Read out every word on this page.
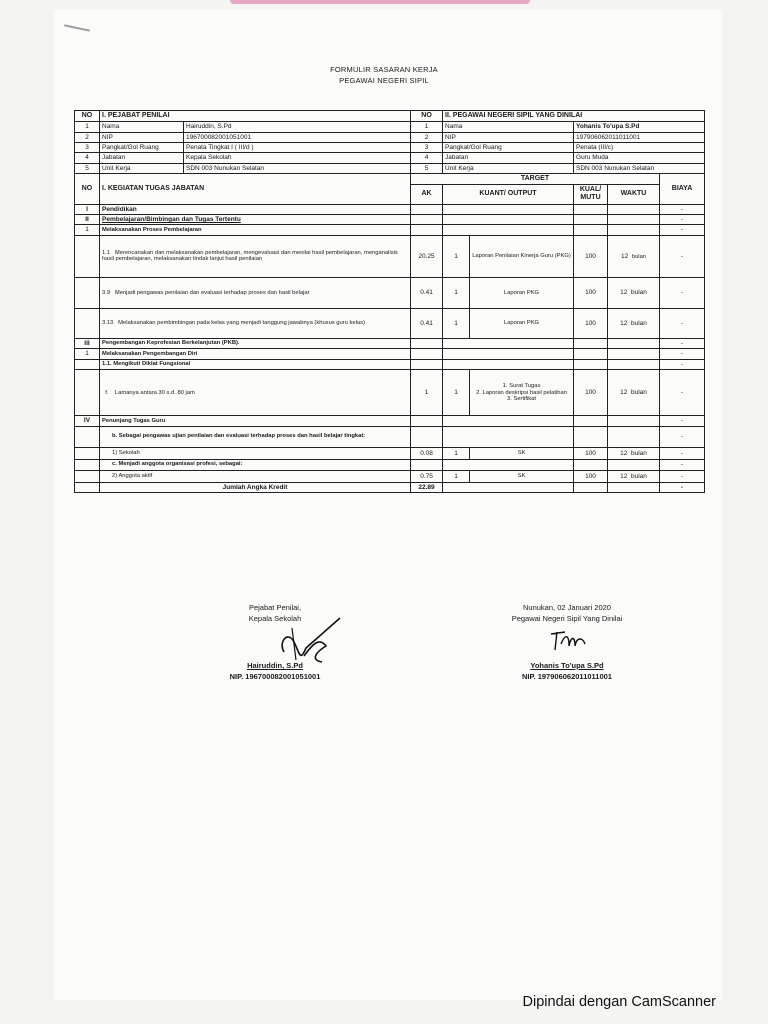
FORMULIR SASARAN KERJA
PEGAWAI NEGERI SIPIL
NO	I. PEJABAT PENILAI		NO	II. PEGAWAI NEGERI SIPIL YANG DINILAI				
1	Nama	Hairuddin, S.Pd	1	Nama		Yohanis To'upa S.Pd		
2	NIP	196700082001051001	2	NIP		197906062011011001		
3	Pangkat/Gol Ruang	Penata Tingkat I ( III/d )	3	Pangkat/Gol Ruang		Penata (III/c)		
4	Jabatan	Kepala Sekolah	4	Jabatan		Guru Muda		
5	Unit Kerja	SDN 003 Nunukan Selatan	5	Unit Kerja		SDN 003 Nunukan Selatan		
NO	I. KEGIATAN TUGAS JABATAN		TARGET					BIAYA
			AK	KUANT/ OUTPUT		KUAL/ MUTU	WAKTU	
I	Pendidikan							-
II	Pembelajaran/Bimbingan dan Tugas Tertentu							-
1	Melaksanakan Proses Pembelajaran							-
	1.1 Merencanakan dan melaksanakan pembelajaran, mengevaluasi dan menilai hasil pembelajaran, menganalisis hasil pembelajaran, melaksanakan tindak lanjut hasil penilaian		20.25	1	Laporan Penilaian Kinerja Guru (PKG)	100	12 bulan	-
	3.9 Menjadi pengawas penilaian dan evaluasi terhadap proses dan hasil belajar		0.41	1	Laporan PKG	100	12 bulan	-
	3.13 Melaksanakan pembimbingan pada kelas yang menjadi tanggung jawabnya (khusus guru kelas)		0.41	1	Laporan PKG	100	12 bulan	-
III	Pengembangan Keprofesian Berkelanjutan (PKB).							-
1	Melaksanakan Pengembangan Diri							-
	1.1. Mengikuti Diklat Fungsional							-
	f. Lamanya antara 30 s.d. 80 jam		1	1	1. Surat Tugas
2. Laporan deskripsi hasil pelatihan
3. Sertifikat	100	12 bulan	-
IV	Penunjang Tugas Guru							-
	b. Sebagai pengawas ujian penilaian dan evaluasi terhadap proses dan hasil belajar tingkat:							-
	1) Sekolah		0.08	1	SK	100	12 bulan	-
	c. Menjadi anggota organisasi profesi, sebagai:							-
	2) Anggota aktif		0.75	1	SK	100	12 bulan	-
	Jumlah Angka Kredit		22.89					-
Pejabat Penilai,
Kepala Sekolah
Hairuddin, S.Pd
NIP. 196700082001051001
Nunukan, 02 Januari 2020
Pegawai Negeri Sipil Yang Dinilai
Yohanis To'upa S.Pd
NIP. 197906062011011001
Dipindai dengan CamScanner
